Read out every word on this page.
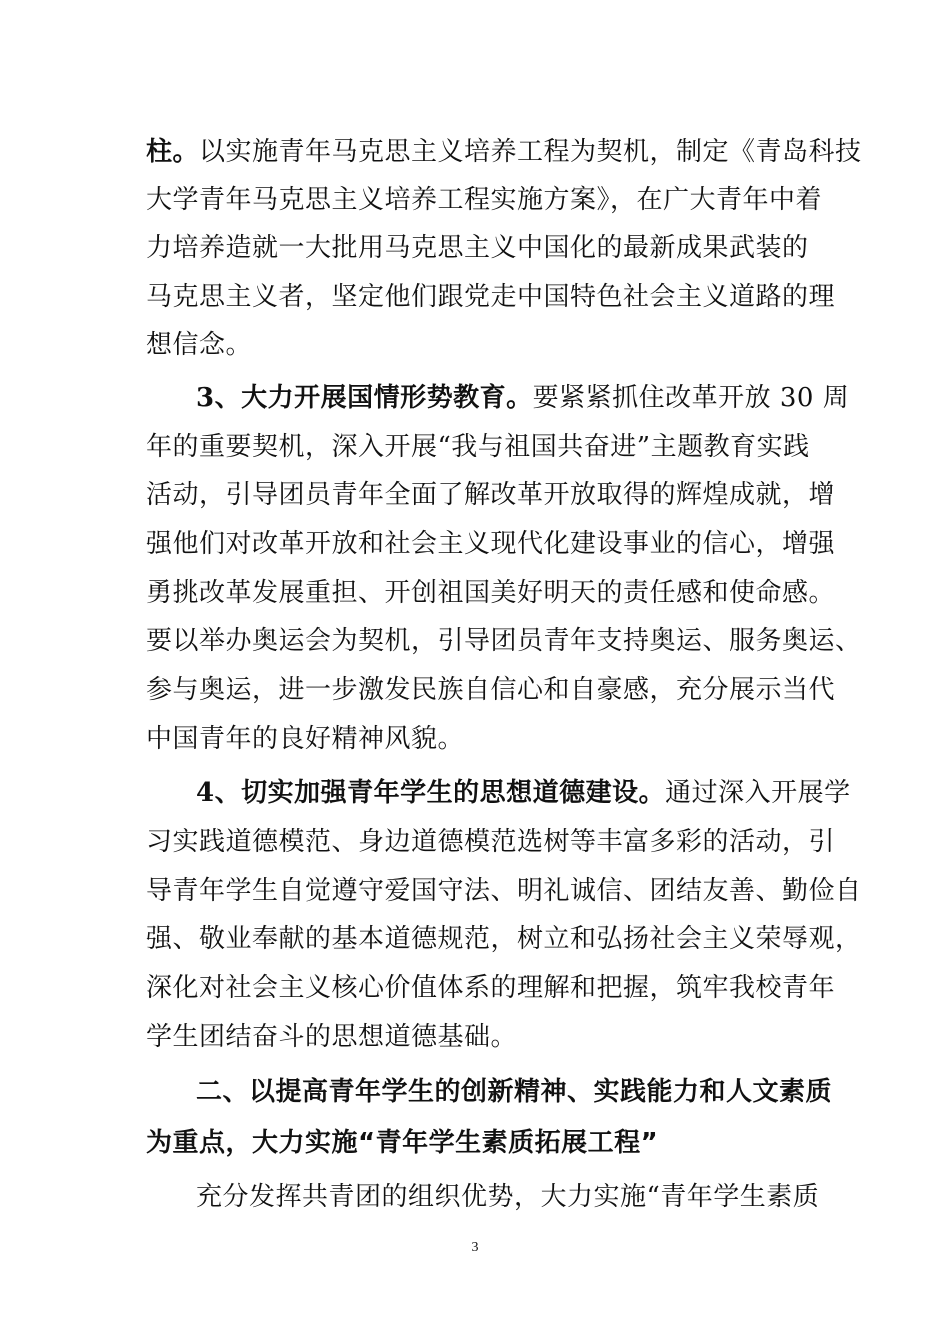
柱。以实施青年马克思主义培养工程为契机，制定《青岛科技
大学青年马克思主义培养工程实施方案》，在广大青年中着
力培养造就一大批用马克思主义中国化的最新成果武装的
马克思主义者，坚定他们跟党走中国特色社会主义道路的理
想信念。
3、大力开展国情形势教育。要紧紧抓住改革开放 30 周
年的重要契机，深入开展“我与祖国共奋进”主题教育实践
活动，引导团员青年全面了解改革开放取得的辉煌成就，增
强他们对改革开放和社会主义现代化建设事业的信心，增强
勇挑改革发展重担、开创祖国美好明天的责任感和使命感。
要以举办奥运会为契机，引导团员青年支持奥运、服务奥运、
参与奥运，进一步激发民族自信心和自豪感，充分展示当代
中国青年的良好精神风貌。
4、切实加强青年学生的思想道德建设。通过深入开展学
习实践道德模范、身边道德模范选树等丰富多彩的活动，引
导青年学生自觉遵守爱国守法、明礼诚信、团结友善、勤俭自
强、敬业奉献的基本道德规范，树立和弘扬社会主义荣辱观，
深化对社会主义核心价值体系的理解和把握，筑牢我校青年
学生团结奋斗的思想道德基础。
二、以提高青年学生的创新精神、实践能力和人文素质
为重点，大力实施“青年学生素质拓展工程”
充分发挥共青团的组织优势，大力实施“青年学生素质
3
